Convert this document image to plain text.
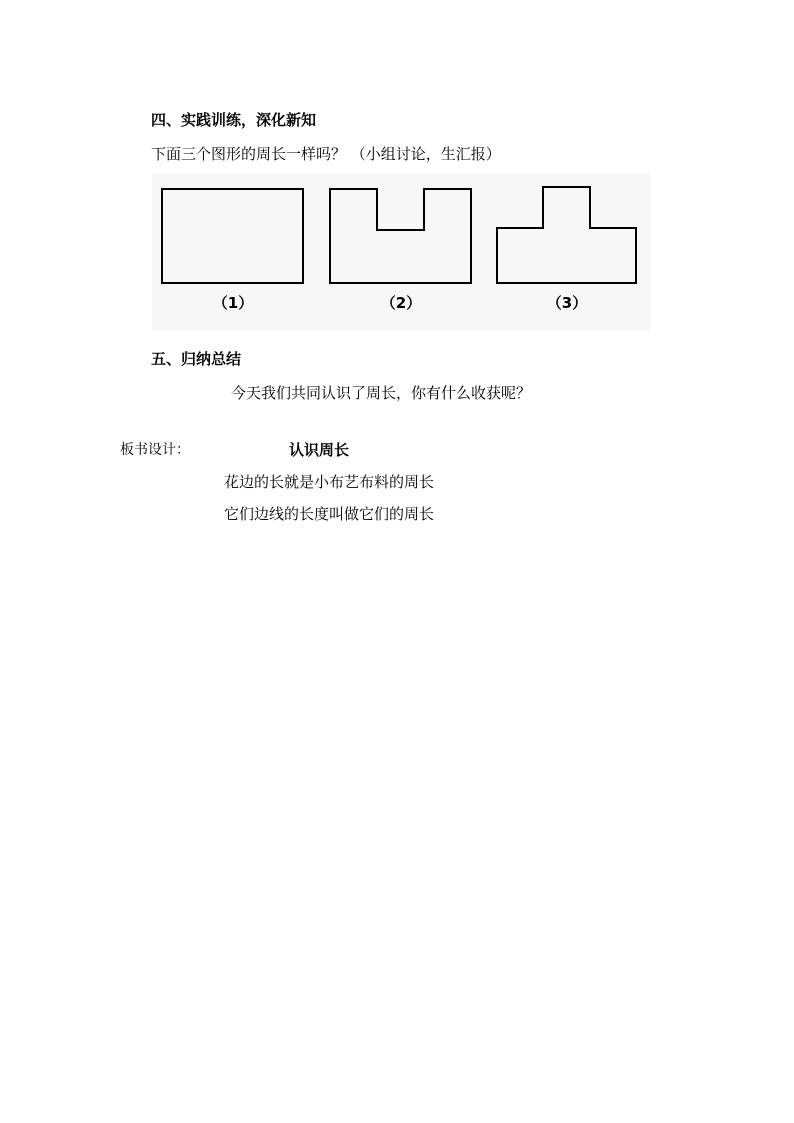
四、实践训练，深化新知
下面三个图形的周长一样吗？ （小组讨论，生汇报）
（1）	（2）	（3）
五、归纳总结
今天我们共同认识了周长，你有什么收获呢？
板书设计：	认识周长
花边的长就是小布艺布料的周长
它们边线的长度叫做它们的周长
